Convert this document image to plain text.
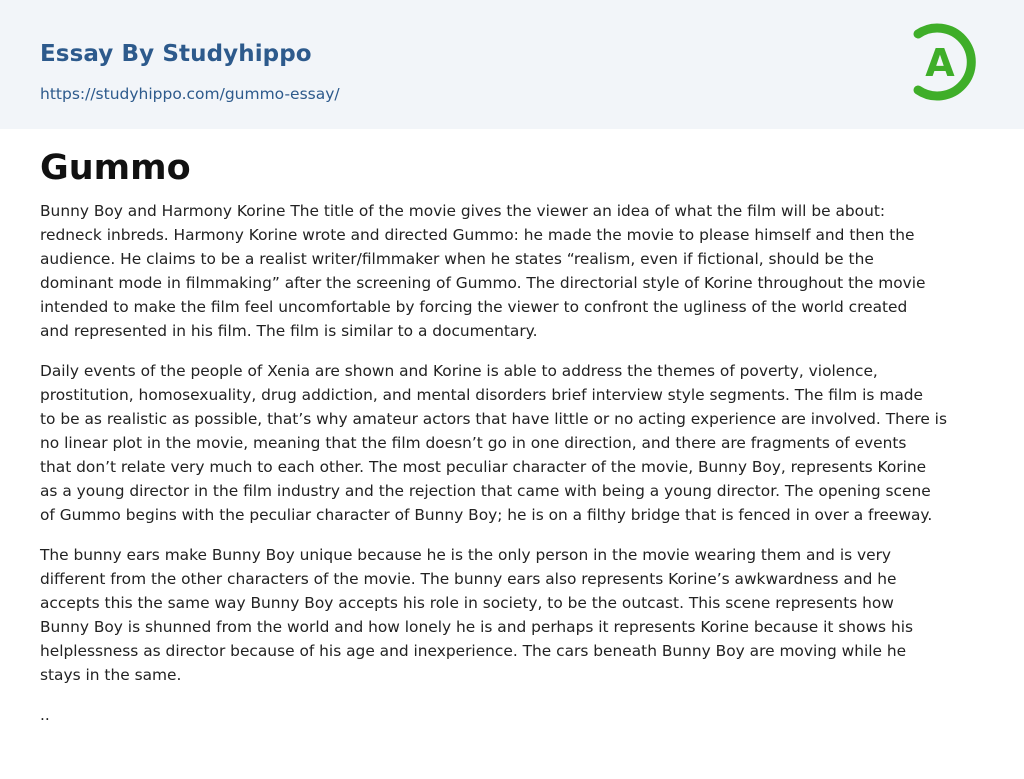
Essay By Studyhippo
https://studyhippo.com/gummo-essay/
A
Gummo

Bunny Boy and Harmony Korine The title of the movie gives the viewer an idea of what the film will be about:
redneck inbreds. Harmony Korine wrote and directed Gummo: he made the movie to please himself and then the
audience. He claims to be a realist writer/filmmaker when he states “realism, even if fictional, should be the
dominant mode in filmmaking” after the screening of Gummo. The directorial style of Korine throughout the movie
intended to make the film feel uncomfortable by forcing the viewer to confront the ugliness of the world created
and represented in his film. The film is similar to a documentary.

Daily events of the people of Xenia are shown and Korine is able to address the themes of poverty, violence,
prostitution, homosexuality, drug addiction, and mental disorders brief interview style segments. The film is made
to be as realistic as possible, that’s why amateur actors that have little or no acting experience are involved. There is
no linear plot in the movie, meaning that the film doesn’t go in one direction, and there are fragments of events
that don’t relate very much to each other. The most peculiar character of the movie, Bunny Boy, represents Korine
as a young director in the film industry and the rejection that came with being a young director. The opening scene
of Gummo begins with the peculiar character of Bunny Boy; he is on a filthy bridge that is fenced in over a freeway.

The bunny ears make Bunny Boy unique because he is the only person in the movie wearing them and is very
different from the other characters of the movie. The bunny ears also represents Korine’s awkwardness and he
accepts this the same way Bunny Boy accepts his role in society, to be the outcast. This scene represents how
Bunny Boy is shunned from the world and how lonely he is and perhaps it represents Korine because it shows his
helplessness as director because of his age and inexperience. The cars beneath Bunny Boy are moving while he
stays in the same.

..
